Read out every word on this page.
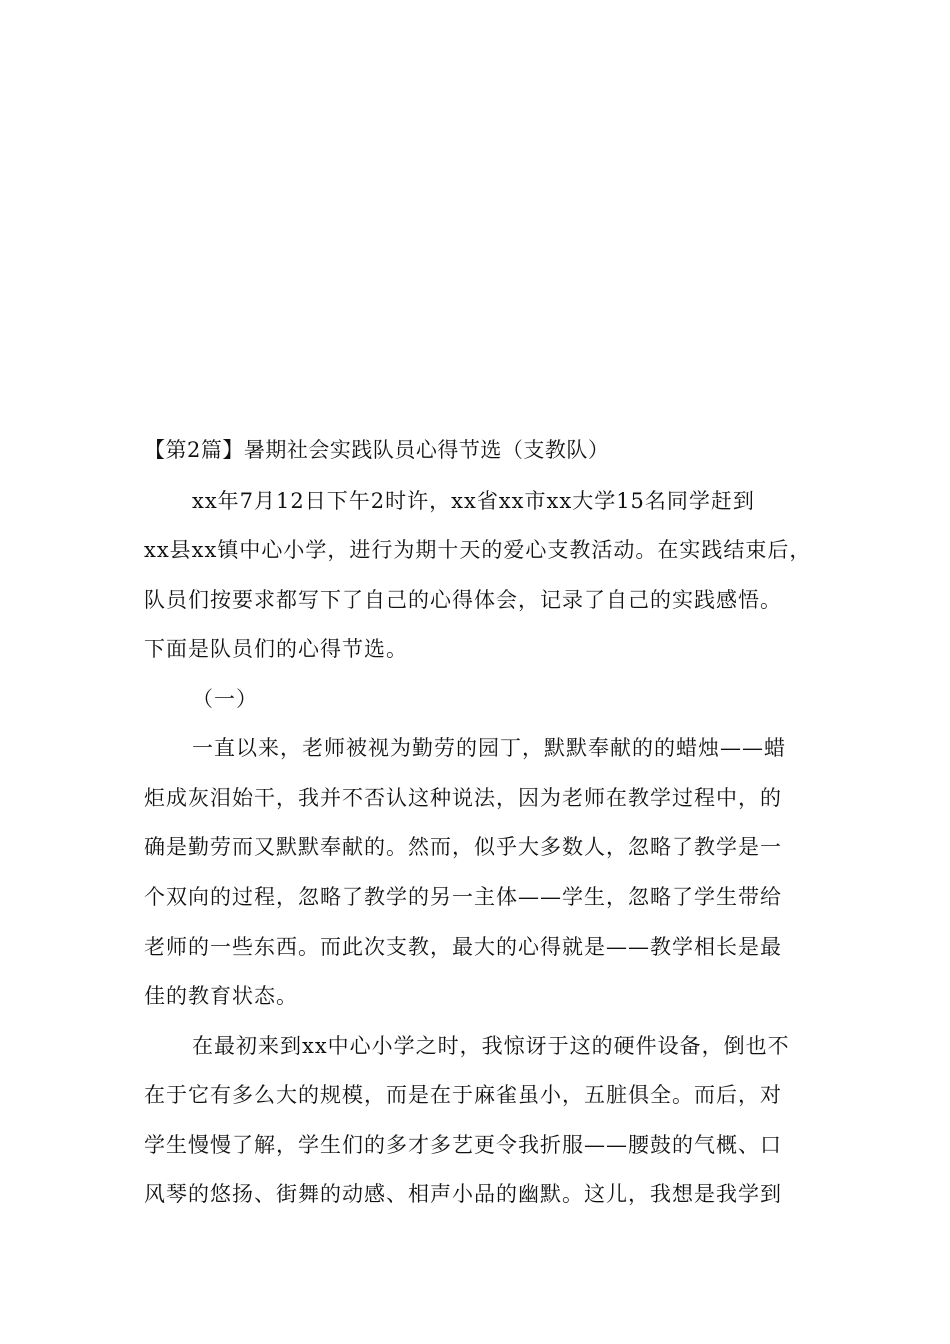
【第2篇】暑期社会实践队员心得节选（支教队）
xx年7月12日下午2时许，xx省xx市xx大学15名同学赶到
xx县xx镇中心小学，进行为期十天的爱心支教活动。在实践结束后，
队员们按要求都写下了自己的心得体会，记录了自己的实践感悟。
下面是队员们的心得节选。
（一）
一直以来，老师被视为勤劳的园丁，默默奉献的的蜡烛——蜡
炬成灰泪始干，我并不否认这种说法，因为老师在教学过程中，的
确是勤劳而又默默奉献的。然而，似乎大多数人，忽略了教学是一
个双向的过程，忽略了教学的另一主体——学生，忽略了学生带给
老师的一些东西。而此次支教，最大的心得就是——教学相长是最
佳的教育状态。
在最初来到xx中心小学之时，我惊讶于这的硬件设备，倒也不
在于它有多么大的规模，而是在于麻雀虽小，五脏俱全。而后，对
学生慢慢了解，学生们的多才多艺更令我折服——腰鼓的气概、口
风琴的悠扬、街舞的动感、相声小品的幽默。这儿，我想是我学到
